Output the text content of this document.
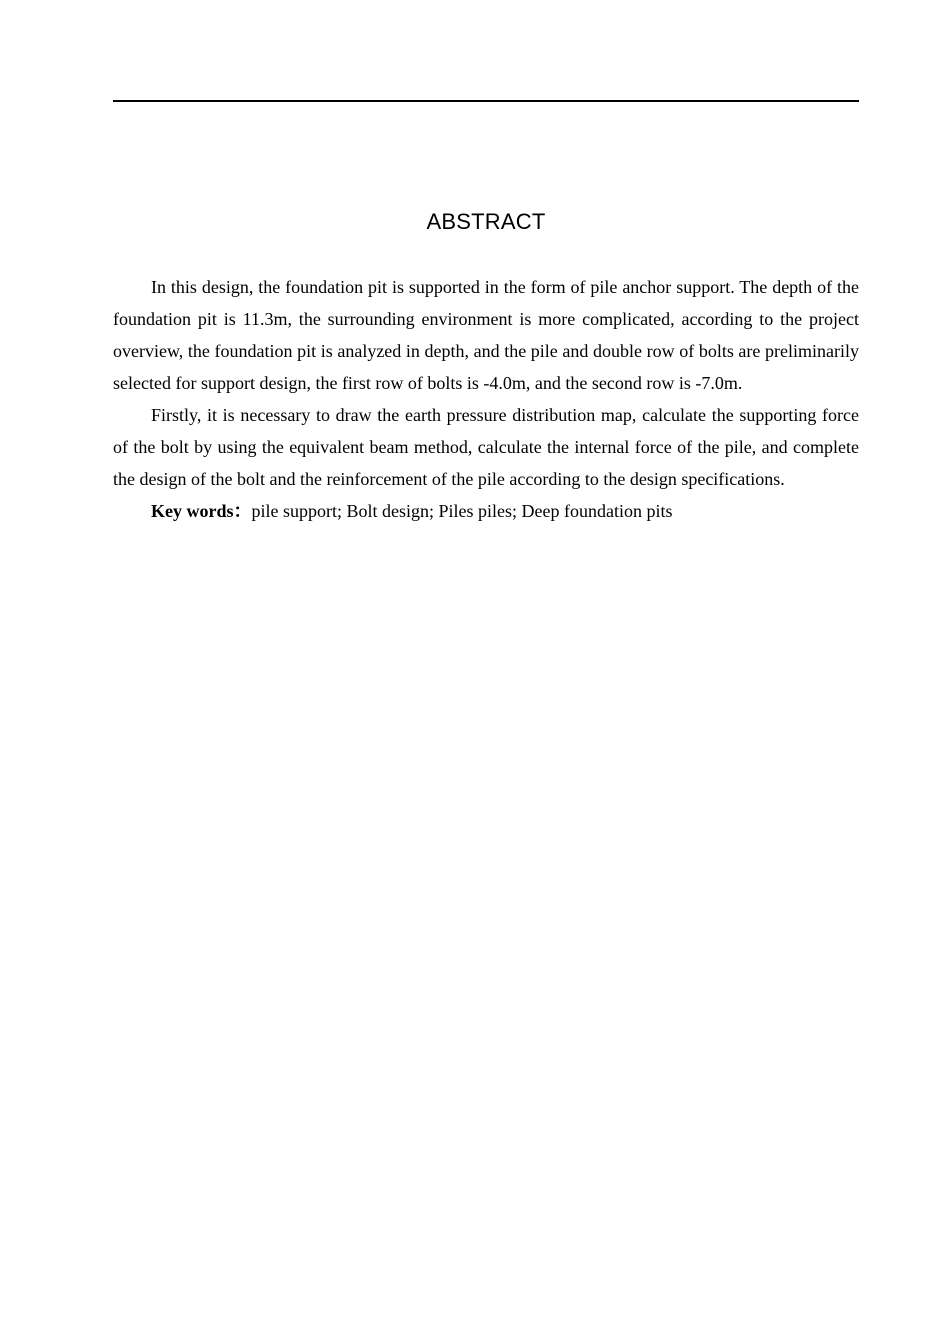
ABSTRACT

In this design, the foundation pit is supported in the form of pile anchor support. The depth of the foundation pit is 11.3m, the surrounding environment is more complicated, according to the project overview, the foundation pit is analyzed in depth, and the pile and double row of bolts are preliminarily selected for support design, the first row of bolts is -4.0m, and the second row is -7.0m.

Firstly, it is necessary to draw the earth pressure distribution map, calculate the supporting force of the bolt by using the equivalent beam method, calculate the internal force of the pile, and complete the design of the bolt and the reinforcement of the pile according to the design specifications.

Key words：pile support; Bolt design; Piles piles; Deep foundation pits
